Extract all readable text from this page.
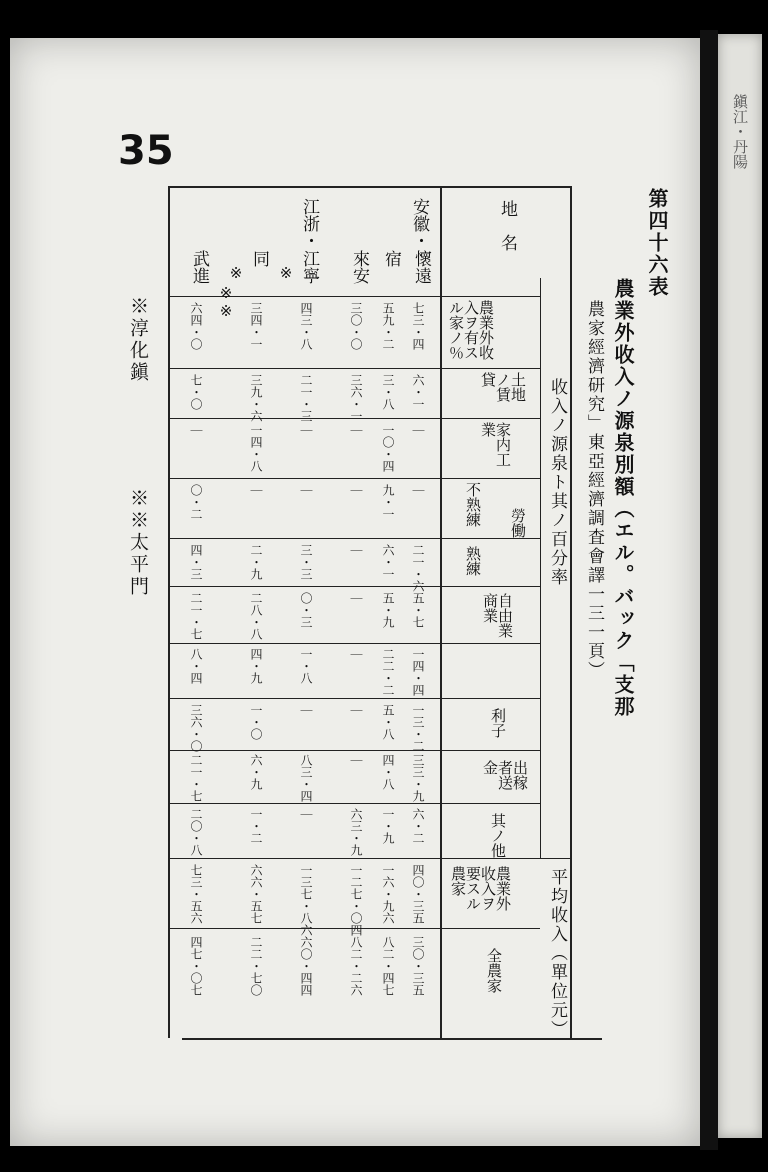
鎭江・丹陽
35
第四十六表
農業外收入ノ源泉別額（エル。バック「支那
農家經濟研究」東亞經濟調査會譯一三一頁）
地　名
收入ノ源泉ト其ノ百分率
平均收入（單位元）
農業外收入ヲ有スル家ノ％
土地ノ賃貸
家内工業
勞働
不熟練
熟練
自由業商業
利子
出稼者送金
其ノ他
農業外收入ヲ要スル農家
全農家
安徽・
江浙・
懷遠
宿
來安
江寧
同
武進	※
※
※※
※淳化鎭
※※太平門
七三・四
六・一
｜
｜
二一・六
五・七
一四・四
一三・二
三三・九
六・二
四〇・三五
三〇・三五
五九・二
三・八
一〇・四
九・一
六・一
五・九
二二・二
五・八
四・八
一・九
一六・九六
八二・四七
三〇・〇
三六・一
｜
｜
｜
｜
｜
｜
｜
六三・九
一二七・〇四
八二・二六
四三・八
二一・三
｜
｜
三・三
〇・三
一・八
｜
八三・四
｜
一三七・八六
六〇・四四
三四・一
三九・六
一四・八
｜
二・九
二八・八
四・九
一・〇
六・九
一・二
六六・五七
二二・七〇
六四・〇
七・〇
｜
〇・二
四・三
二一・七
八・四
三六・〇
二一・七
二〇・八
七三・五六
四七・〇七
